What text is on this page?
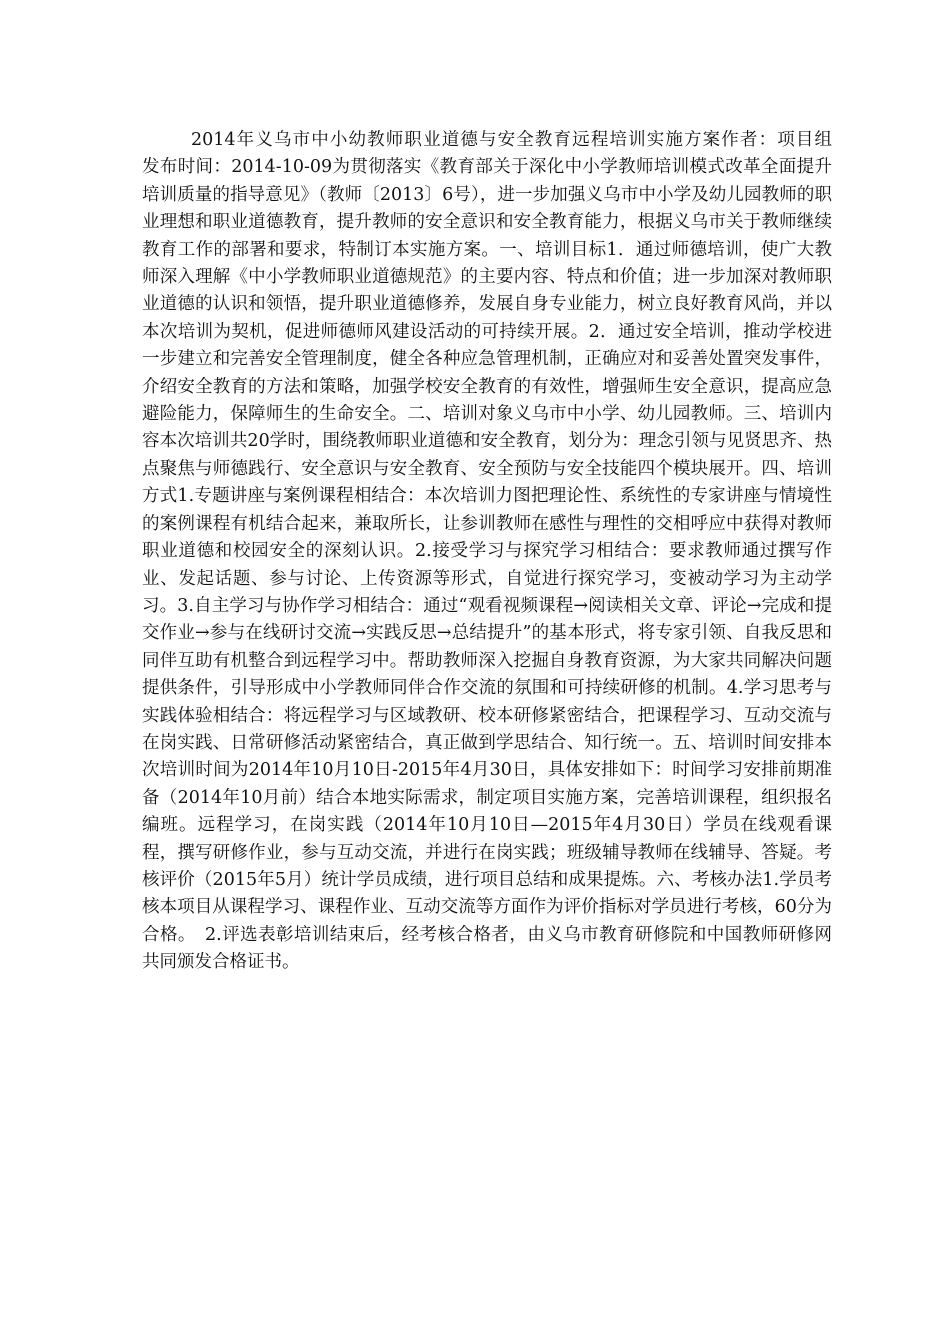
2014年义乌市中小幼教师职业道德与安全教育远程培训实施方案作者：项目组　　发布时间：2014-10-09为贯彻落实《教育部关于深化中小学教师培训模式改革全面提升培训质量的指导意见》（教师〔2013〕6号），进一步加强义乌市中小学及幼儿园教师的职业理想和职业道德教育，提升教师的安全意识和安全教育能力，根据义乌市关于教师继续教育工作的部署和要求，特制订本实施方案。一、培训目标1．通过师德培训，使广大教师深入理解《中小学教师职业道德规范》的主要内容、特点和价值；进一步加深对教师职业道德的认识和领悟，提升职业道德修养，发展自身专业能力，树立良好教育风尚，并以本次培训为契机，促进师德师风建设活动的可持续开展。2．通过安全培训，推动学校进一步建立和完善安全管理制度，健全各种应急管理机制，正确应对和妥善处置突发事件，介绍安全教育的方法和策略，加强学校安全教育的有效性，增强师生安全意识，提高应急避险能力，保障师生的生命安全。二、培训对象义乌市中小学、幼儿园教师。三、培训内容本次培训共20学时，围绕教师职业道德和安全教育，划分为：理念引领与见贤思齐、热点聚焦与师德践行、安全意识与安全教育、安全预防与安全技能四个模块展开。四、培训方式1.专题讲座与案例课程相结合：本次培训力图把理论性、系统性的专家讲座与情境性的案例课程有机结合起来，兼取所长，让参训教师在感性与理性的交相呼应中获得对教师职业道德和校园安全的深刻认识。2.接受学习与探究学习相结合：要求教师通过撰写作业、发起话题、参与讨论、上传资源等形式，自觉进行探究学习，变被动学习为主动学习。3.自主学习与协作学习相结合：通过“观看视频课程→阅读相关文章、评论→完成和提交作业→参与在线研讨交流→实践反思→总结提升”的基本形式，将专家引领、自我反思和同伴互助有机整合到远程学习中。帮助教师深入挖掘自身教育资源，为大家共同解决问题提供条件，引导形成中小学教师同伴合作交流的氛围和可持续研修的机制。4.学习思考与实践体验相结合：将远程学习与区域教研、校本研修紧密结合，把课程学习、互动交流与在岗实践、日常研修活动紧密结合，真正做到学思结合、知行统一。五、培训时间安排本次培训时间为2014年10月10日-2015年4月30日，具体安排如下：时间学习安排前期准备（2014年10月前）结合本地实际需求，制定项目实施方案，完善培训课程，组织报名编班。远程学习，在岗实践（2014年10月10日—2015年4月30日）学员在线观看课程，撰写研修作业，参与互动交流，并进行在岗实践；班级辅导教师在线辅导、答疑。考核评价（2015年5月）统计学员成绩，进行项目总结和成果提炼。六、考核办法1.学员考核本项目从课程学习、课程作业、互动交流等方面作为评价指标对学员进行考核，60分为合格。　2.评选表彰培训结束后，经考核合格者，由义乌市教育研修院和中国教师研修网共同颁发合格证书。
